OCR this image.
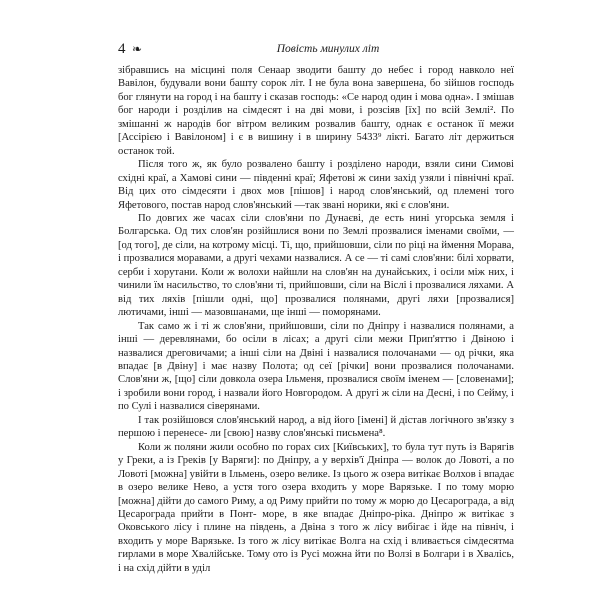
4 ❧	Повість минулих літ

зібравшись на місцині поля Сенаар зводити башту до небес і город навколо неї Вавілон, будували вони башту сорок літ. І не була вона завершена, бо зійшов господь бог глянути на город і на башту і сказав господь: «Се народ один і мова одна». І змішав бог народи і розділив на сімдесят і на дві мови, і розсіяв [їх] по всій Землі². По змішанні ж народів бог вітром великим розвалив башту, однак є останок її межи [Ассірією і Вавілоном] і є в вишину і в ширину 5433⁹ лікті. Багато літ держиться останок той.

Після того ж, як було розвалено башту і розділено народи, взяли сини Симові східні краї, а Хамові сини — південні краї; Яфетові ж сини захід узяли і північні краї. Від цих ото сімдесяти і двох мов [пішов] і народ слов'янський, од племені того Яфетового, постав народ слов'янський —так звані норики, які є слов'яни.

По довгих же часах сіли слов'яни по Дунаєві, де есть нині угорська земля і Болгарська. Од тих слов'ян розійшлися вони по Землі прозвалися іменами своїми, — [од того], де сіли, на котрому місці. Ті, що, прийшовши, сіли по ріці на ймення Морава, і прозвалися моравами, а другі чехами назвалися. А се — ті самі слов'яни: білі хорвати, серби і хорутани. Коли ж волохи найшли на слов'ян на дунайських, і осіли між них, і чинили їм насильство, то слов'яни ті, прийшовши, сіли на Віслі і прозвалися ляхами. А від тих ляхів [пішли одні, що] прозвалися полянами, другі ляхи [прозвалися] лютичами, інші — мазовшанами, ще інші — поморянами.

Так само ж і ті ж слов'яни, прийшовши, сіли по Дніпру і назвалися полянами, а інші — деревлянами, бо осіли в лісах; а другі сіли межи Прип'яттю і Двіною і назвалися дреговичами; а інші сіли на Двіні і назвалися полочанами — од річки, яка впадає [в Двіну] і має назву Полота; од сеї [річки] вони прозвалися полочанами. Слов'яни ж, [що] сіли довкола озера Ільменя, прозвалися своїм іменем — [словенами]; і зробили вони город, і назвали його Новгородом. А другі ж сіли на Десні, і по Сейму, і по Сулі і назвалися сіверянами.

І так розійшовся слов'янський народ, а від його [імені] й дістав логічного зв'язку з першою і перенесе- ли [свою] назву слов'янські письмена⁸.

Коли ж поляни жили особно по горах сих [Київських], то була тут путь із Варягів у Греки, а із Греків [у Варяги]: по Дніпру, а у верхів'ї Дніпра — волок до Ловоті, а по Ловоті [можна] увійти в Ільмень, озеро велике. Із цього ж озера витікає Волхов і впадає в озеро велике Нево, а устя того озера входить у море Варязьке. І по тому морю [можна] дійти до самого Риму, а од Риму прийти по тому ж морю до Цесарограда, а від Цесарограда прийти в Понт- море, в яке впадає Дніпро-ріка. Дніпро ж витікає з Оковського лісу і плине на південь, а Двіна з того ж лісу вибігає і йде на північ, і входить у море Варязьке. Із того ж лісу витікає Волга на схід і вливається сімдесятма гирлами в море Хвалійське. Тому ото із Русі можна йти по Волзі в Болгари і в Хвалісь, і на схід дійти в уділ
